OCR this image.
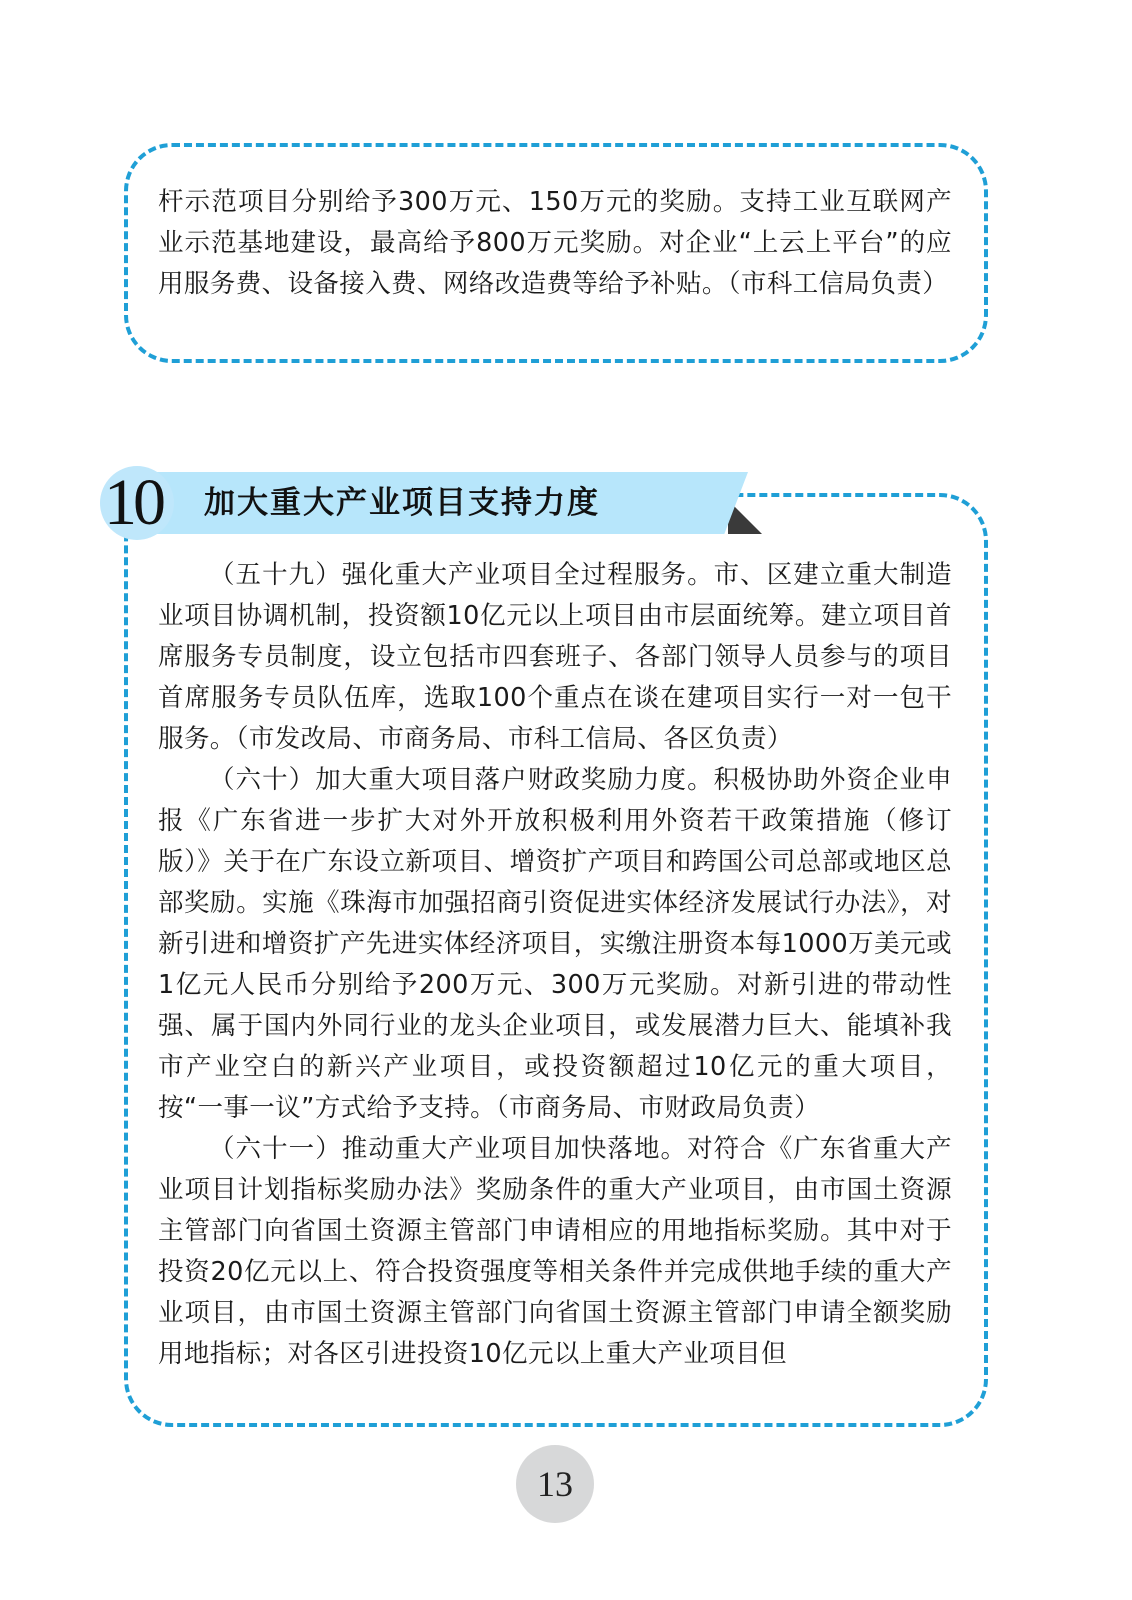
杆示范项目分别给予300万元、150万元的奖励。支持工业互联网产业示范基地建设，最高给予800万元奖励。对企业“上云上平台”的应用服务费、设备接入费、网络改造费等给予补贴。（市科工信局负责）

10 加大重大产业项目支持力度

（五十九）强化重大产业项目全过程服务。市、区建立重大制造业项目协调机制，投资额10亿元以上项目由市层面统筹。建立项目首席服务专员制度，设立包括市四套班子、各部门领导人员参与的项目首席服务专员队伍库，选取100个重点在谈在建项目实行一对一包干服务。（市发改局、市商务局、市科工信局、各区负责）

（六十）加大重大项目落户财政奖励力度。积极协助外资企业申报《广东省进一步扩大对外开放积极利用外资若干政策措施（修订版）》关于在广东设立新项目、增资扩产项目和跨国公司总部或地区总部奖励。实施《珠海市加强招商引资促进实体经济发展试行办法》，对新引进和增资扩产先进实体经济项目，实缴注册资本每1000万美元或1亿元人民币分别给予200万元、300万元奖励。对新引进的带动性强、属于国内外同行业的龙头企业项目，或发展潜力巨大、能填补我市产业空白的新兴产业项目，或投资额超过10亿元的重大项目，按“一事一议”方式给予支持。（市商务局、市财政局负责）

（六十一）推动重大产业项目加快落地。对符合《广东省重大产业项目计划指标奖励办法》奖励条件的重大产业项目，由市国土资源主管部门向省国土资源主管部门申请相应的用地指标奖励。其中对于投资20亿元以上、符合投资强度等相关条件并完成供地手续的重大产业项目，由市国土资源主管部门向省国土资源主管部门申请全额奖励用地指标；对各区引进投资10亿元以上重大产业项目但

13
